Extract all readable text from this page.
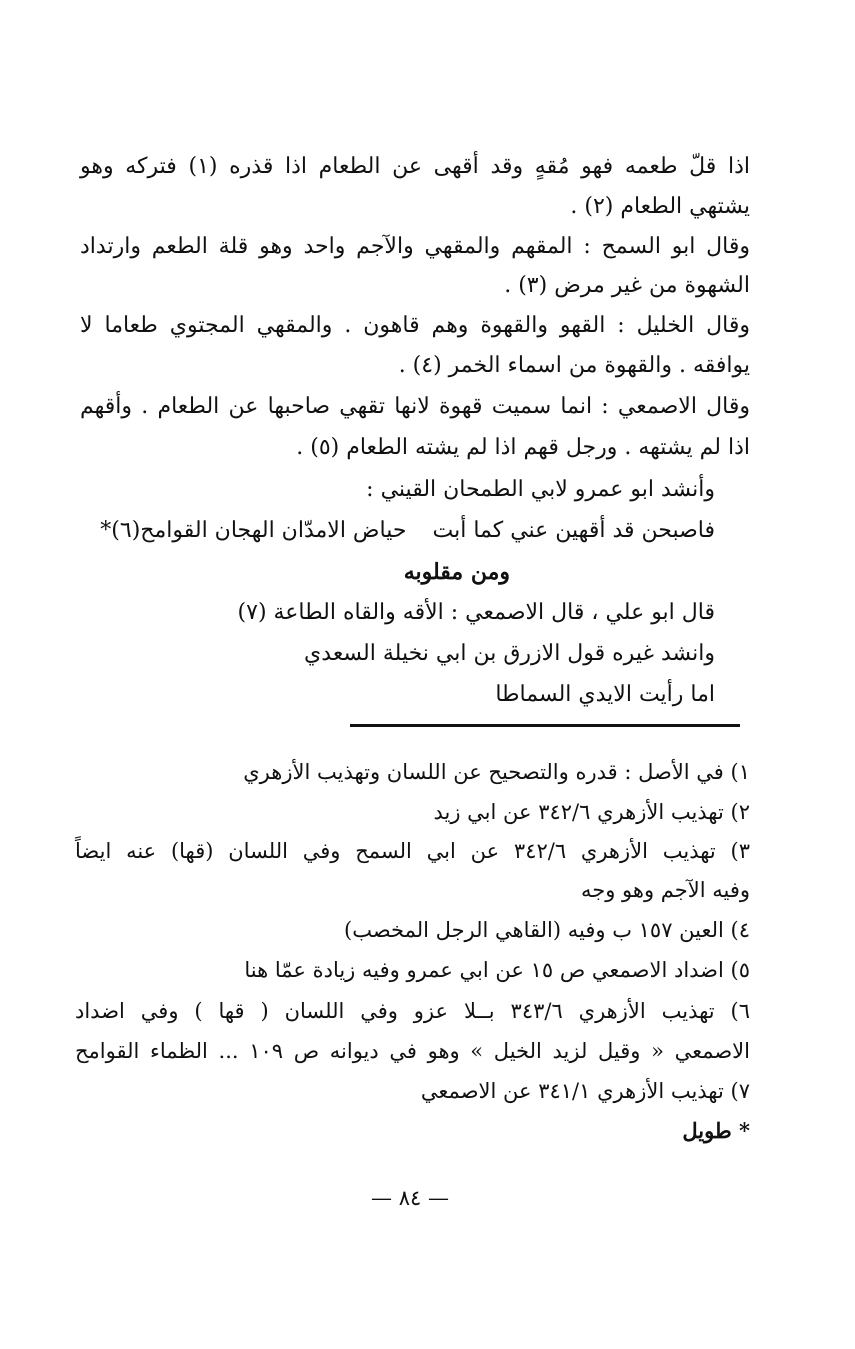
اذا قلّ طعمه فهو مُقهٍ وقد أقهى عن الطعام اذا قذره (١) فتركه وهو
يشتهي الطعام (٢) .
وقال ابو السمح : المقهم والمقهي والآجم واحد وهو قلة الطعم وارتداد
الشهوة من غير مرض (٣) .
وقال الخليل : القهو والقهوة وهم قاهون . والمقهي المجتوي طعاما لا
يوافقه . والقهوة من اسماء الخمر (٤) .
وقال الاصمعي : انما سميت قهوة لانها تقهي صاحبها عن الطعام . وأقهم
اذا لم يشتهه . ورجل قهم اذا لم يشته الطعام (٥) .
وأنشد ابو عمرو لابي الطمحان القيني :
فاصبحن قد أقهين عني كما أبتحياض الامدّان الهجان القوامح(٦)*
ومن مقلوبه
قال ابو علي ، قال الاصمعي : الأقه والقاه الطاعة (٧)
وانشد غيره قول الازرق بن ابي نخيلة السعدي
اما رأيت الايدي السماطا
١) في الأصل : قدره والتصحيح عن اللسان وتهذيب الأزهري
٢) تهذيب الأزهري ٣٤٢/٦ عن ابي زيد
٣) تهذيب الأزهري ٣٤٢/٦ عن ابي السمح وفي اللسان (قها) عنه ايضاً
وفيه الآجم وهو وجه
٤) العين ١٥٧ ب وفيه (القاهي الرجل المخصب)
٥) اضداد الاصمعي ص ١٥ عن ابي عمرو وفيه زيادة عمّا هنا
٦) تهذيب الأزهري ٣٤٣/٦ بــلا عزو وفي اللسان ( قها ) وفي اضداد
الاصمعي « وقيل لزيد الخيل » وهو في ديوانه ص ١٠٩ ... الظماء القوامح
٧) تهذيب الأزهري ٣٤١/١ عن الاصمعي
* طويل
— ٨٤ —
